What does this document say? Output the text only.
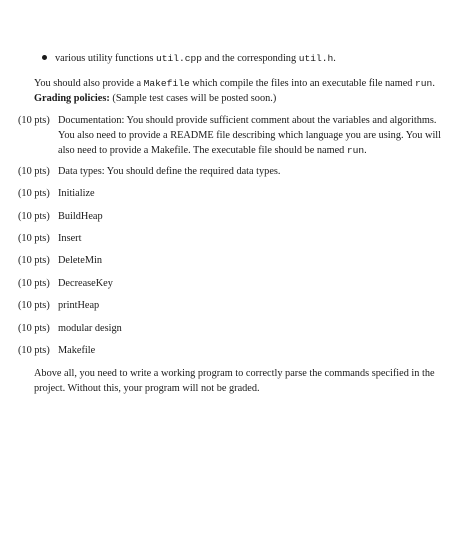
various utility functions util.cpp and the corresponding util.h.
You should also provide a Makefile which compile the files into an executable file named run.
Grading policies: (Sample test cases will be posted soon.)
(10 pts) Documentation: You should provide sufficient comment about the variables and algorithms.
You also need to provide a README file describing which language you are using. You will
also need to provide a Makefile. The executable file should be named run.
(10 pts) Data types: You should define the required data types.
(10 pts) Initialize
(10 pts) BuildHeap
(10 pts) Insert
(10 pts) DeleteMin
(10 pts) DecreaseKey
(10 pts) printHeap
(10 pts) modular design
(10 pts) Makefile
Above all, you need to write a working program to correctly parse the commands specified in the
project. Without this, your program will not be graded.
